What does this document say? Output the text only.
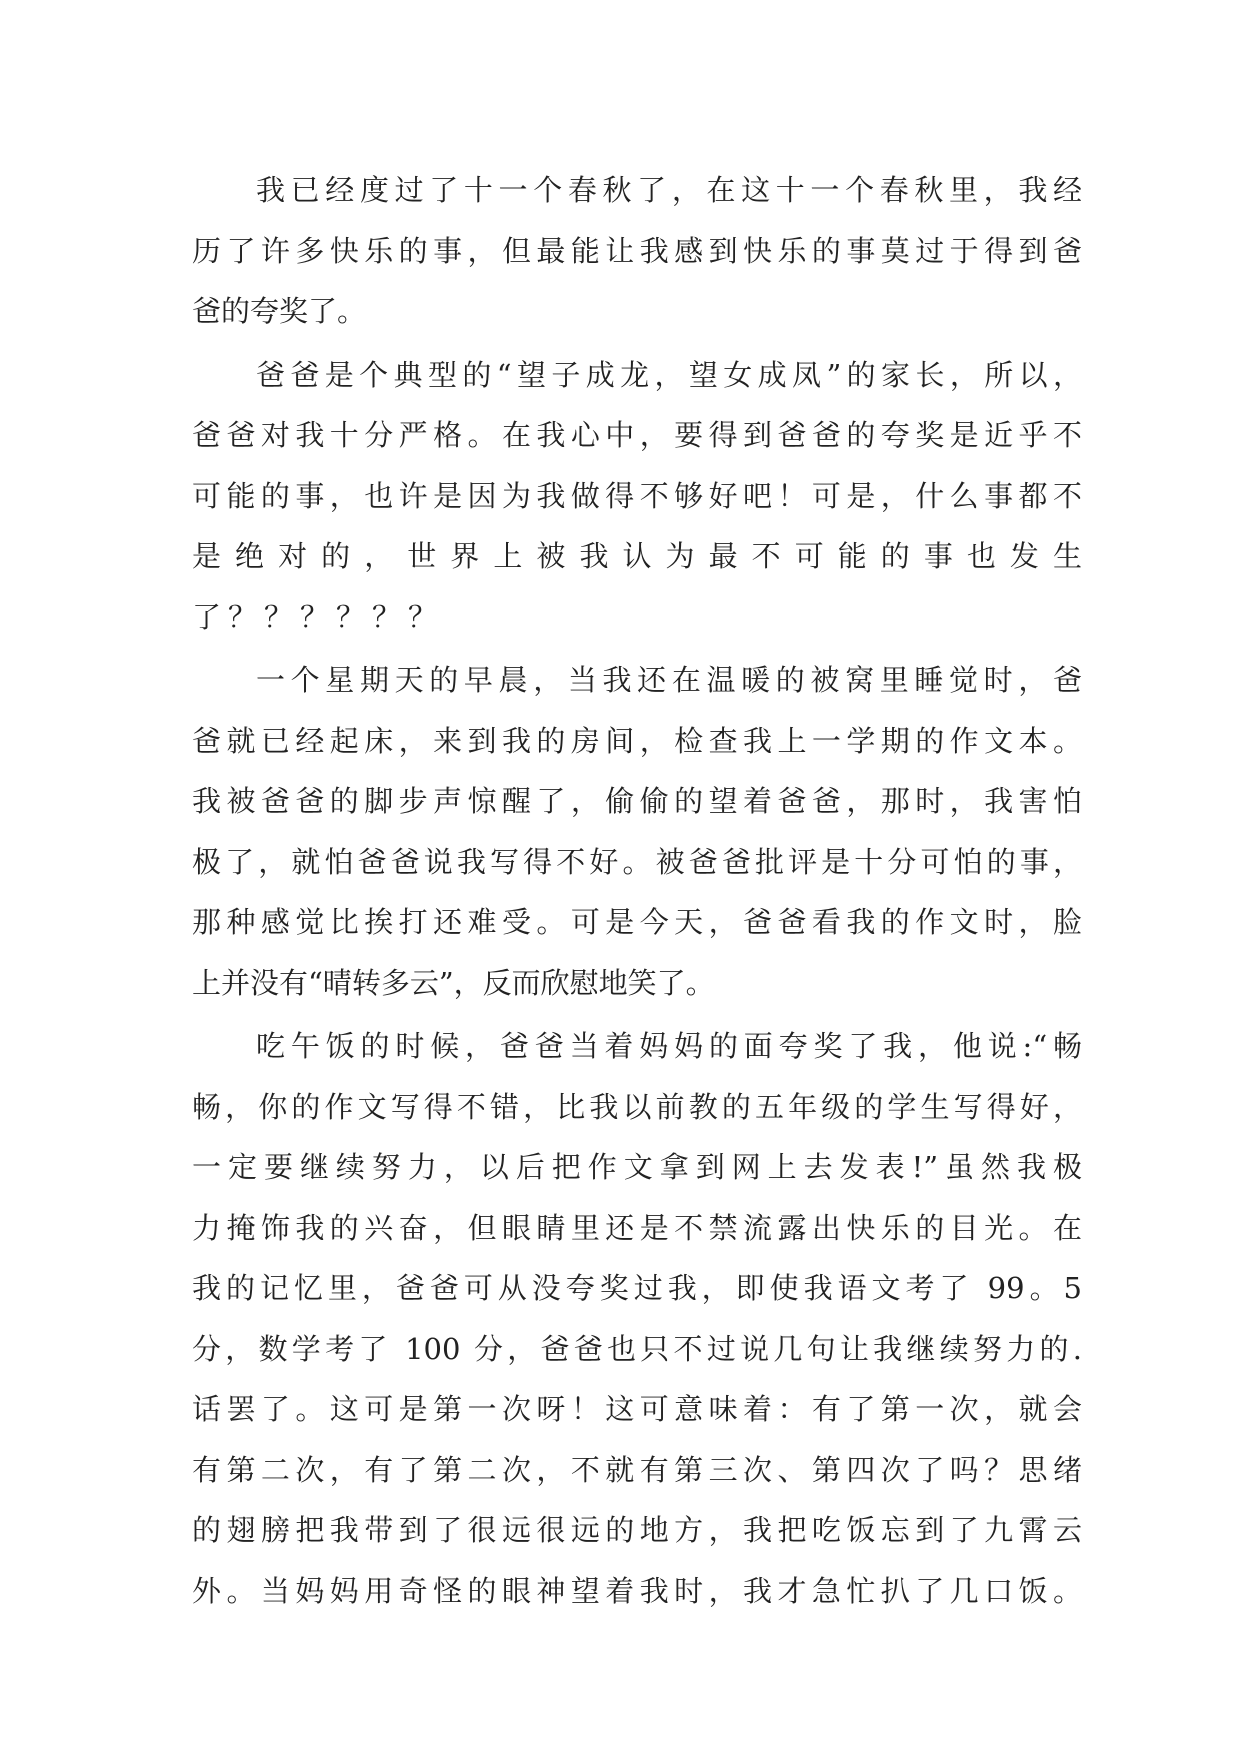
我已经度过了十一个春秋了，在这十一个春秋里，我经
历了许多快乐的事，但最能让我感到快乐的事莫过于得到爸
爸的夸奖了。
爸爸是个典型的“望子成龙，望女成凤”的家长，所以，
爸爸对我十分严格。在我心中，要得到爸爸的夸奖是近乎不
可能的事，也许是因为我做得不够好吧！可是，什么事都不
是绝对的，世界上被我认为最不可能的事也发生
了？？？？？？
一个星期天的早晨，当我还在温暖的被窝里睡觉时，爸
爸就已经起床，来到我的房间，检查我上一学期的作文本。
我被爸爸的脚步声惊醒了，偷偷的望着爸爸，那时，我害怕
极了，就怕爸爸说我写得不好。被爸爸批评是十分可怕的事，
那种感觉比挨打还难受。可是今天，爸爸看我的作文时，脸
上并没有“晴转多云”，反而欣慰地笑了。
吃午饭的时候，爸爸当着妈妈的面夸奖了我，他说:“畅
畅，你的作文写得不错，比我以前教的五年级的学生写得好，
一定要继续努力，以后把作文拿到网上去发表!”虽然我极
力掩饰我的兴奋，但眼睛里还是不禁流露出快乐的目光。在
我的记忆里，爸爸可从没夸奖过我，即使我语文考了 99。5
分，数学考了 100 分，爸爸也只不过说几句让我继续努力的.
话罢了。这可是第一次呀！这可意味着：有了第一次，就会
有第二次，有了第二次，不就有第三次、第四次了吗？思绪
的翅膀把我带到了很远很远的地方，我把吃饭忘到了九霄云
外。当妈妈用奇怪的眼神望着我时，我才急忙扒了几口饭。
